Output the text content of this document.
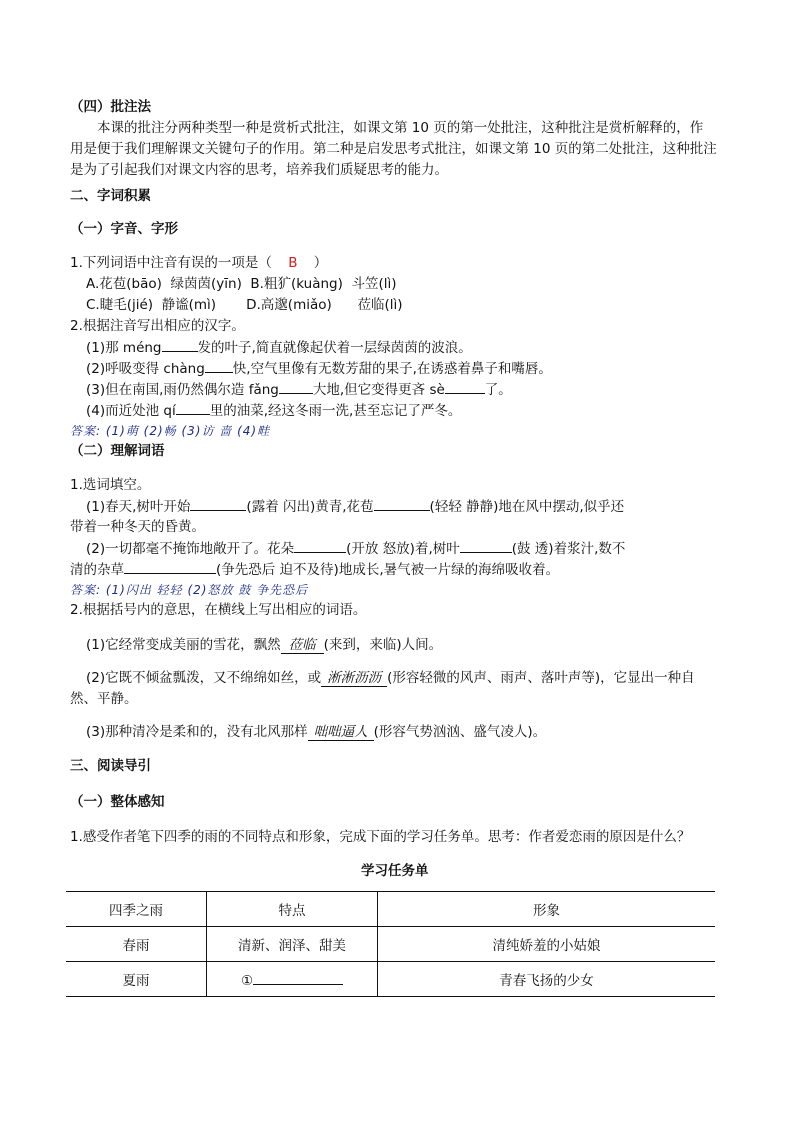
（四）批注法
本课的批注分两种类型一种是赏析式批注，如课文第 10 页的第一处批注，这种批注是赏析解释的，作
用是便于我们理解课文关键句子的作用。第二种是启发思考式批注，如课文第 10 页的第二处批注，这种批注
是为了引起我们对课文内容的思考，培养我们质疑思考的能力。
二、字词积累
（一）字音、字形
1.下列词语中注音有误的一项是（ B ）
A.花苞(bāo)  绿茵茵(yīn)  B.粗犷(kuàng)  斗笠(lì)
C.睫毛(jié)  静谧(mì)       D.高邈(miǎo)      莅临(lì)
2.根据注音写出相应的汉字。
(1)那 méng	发的叶子,简直就像起伏着一层绿茵茵的波浪。
(2)呼吸变得 chàng 快,空气里像有无数芳甜的果子,在诱惑着鼻子和嘴唇。
(3)但在南国,雨仍然偶尔造 fǎng	大地,但它变得更吝 sè	了。
(4)而近处池 qí	里的油菜,经这冬雨一洗,甚至忘记了严冬。
答案: (1)萌 (2)畅 (3)访 啬 (4)畦
（二）理解词语
1.选词填空。
(1)春天,树叶开始	(露着 闪出)黄青,花苞	(轻轻 静静)地在风中摆动,似乎还
带着一种冬天的昏黄。
(2)一切都毫不掩饰地敞开了。花朵	(开放 怒放)着,树叶	(鼓 透)着浆汁,数不
清的杂草	(争先恐后 迫不及待)地成长,暑气被一片绿的海绵吸收着。
答案: (1)闪出 轻轻 (2)怒放 鼓 争先恐后
2.根据括号内的意思，在横线上写出相应的词语。
(1)它经常变成美丽的雪花，飘然 莅临 (来到，来临)人间。
(2)它既不倾盆瓢泼，又不绵绵如丝，或 淅淅沥沥 (形容轻微的风声、雨声、落叶声等)，它显出一种自
然、平静。
(3)那种清冷是柔和的，没有北风那样 咄咄逼人 (形容气势汹汹、盛气凌人)。
三、阅读导引
（一）整体感知
1.感受作者笔下四季的雨的不同特点和形象，完成下面的学习任务单。思考：作者爱恋雨的原因是什么？
学习任务单
四季之雨	特点	形象
春雨	清新、润泽、甜美	清纯娇羞的小姑娘
夏雨	①	青春飞扬的少女
